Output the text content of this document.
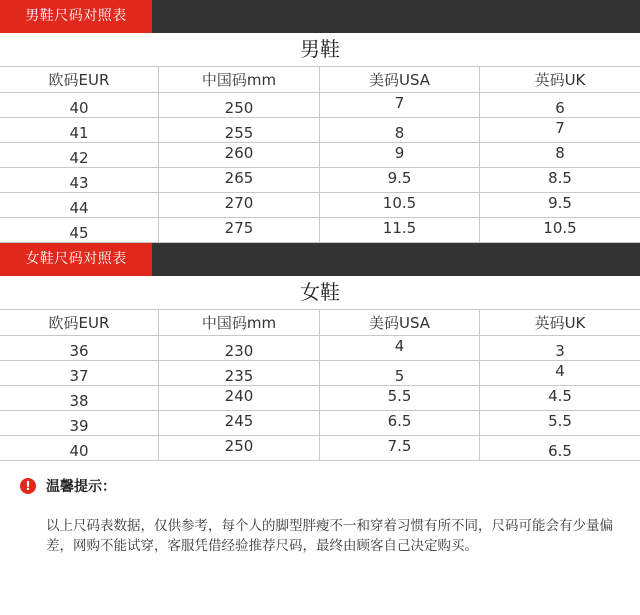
男鞋尺码对照表
男鞋
欧码EUR	中国码mm	美码USA	英码UK
40	250	7	6
41	255	8	7
42	260	9	8
43	265	9.5	8.5
44	270	10.5	9.5
45	275	11.5	10.5
女鞋尺码对照表
女鞋
欧码EUR	中国码mm	美码USA	英码UK
36	230	4	3
37	235	5	4
38	240	5.5	4.5
39	245	6.5	5.5
40	250	7.5	6.5
!	温馨提示：
以上尺码表数据，仅供参考，每个人的脚型胖瘦不一和穿着习惯有所不同，尺码可能会有少量偏差，网购不能试穿，客服凭借经验推荐尺码，最终由顾客自己决定购买。
